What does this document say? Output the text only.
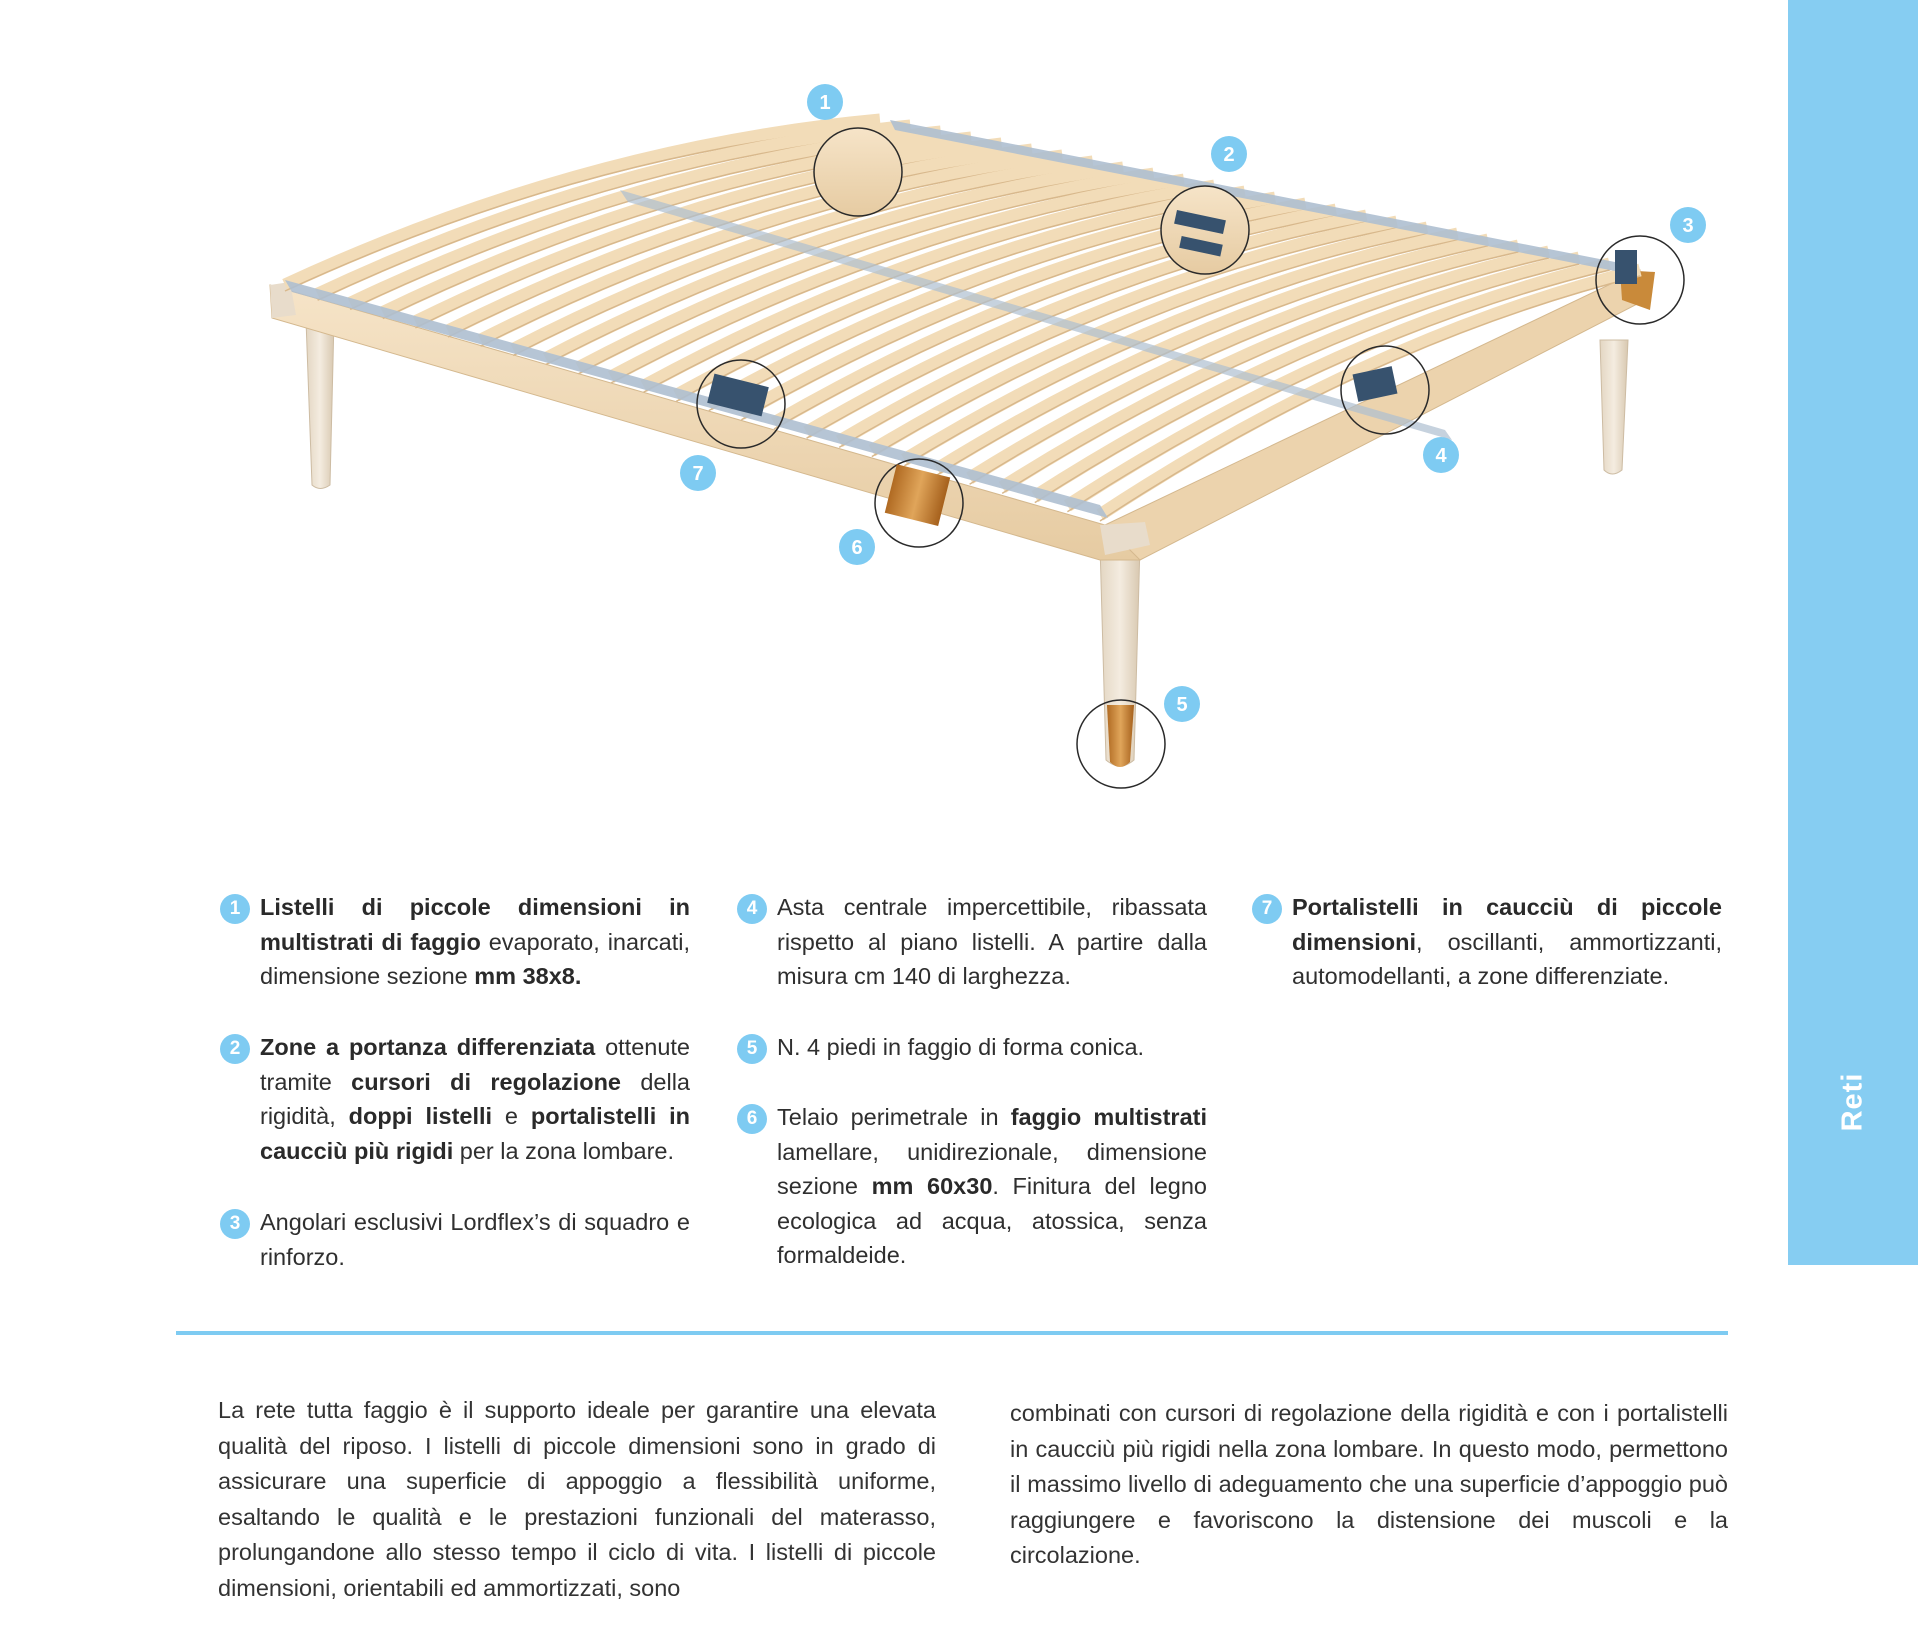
Reti
1
2
3
4
5
6
7
1 Listelli di piccole dimensioni in multistrati di faggio evaporato, inarcati, dimensione sezione mm 38x8.
2 Zone a portanza differenziata ottenute tramite cursori di regolazione della rigidità, doppi listelli e portalistelli in caucciù più rigidi per la zona lombare.
3 Angolari esclusivi Lordflex’s di squadro e rinforzo.
4 Asta centrale impercettibile, ribassata rispetto al piano listelli. A partire dalla misura cm 140 di larghezza.
5 N. 4 piedi in faggio di forma conica.
6 Telaio perimetrale in faggio multistrati lamellare, unidirezionale, dimensione sezione mm 60x30. Finitura del legno ecologica ad acqua, atossica, senza formaldeide.
7 Portalistelli in caucciù di piccole dimensioni, oscillanti, ammortizzanti, automodellanti, a zone differenziate.
La rete tutta faggio è il supporto ideale per garantire una elevata qualità del riposo. I listelli di piccole dimensioni sono in grado di assicurare una superficie di appoggio a flessibilità uniforme, esaltando le qualità e le prestazioni funzionali del materasso, prolungandone allo stesso tempo il ciclo di vita. I listelli di piccole dimensioni, orientabili ed ammortizzati, sono
combinati con cursori di regolazione della rigidità e con i portalistelli in caucciù più rigidi nella zona lombare. In questo modo, permettono il massimo livello di adeguamento che una superficie d’appoggio può raggiungere e favoriscono la distensione dei muscoli e la circolazione.
